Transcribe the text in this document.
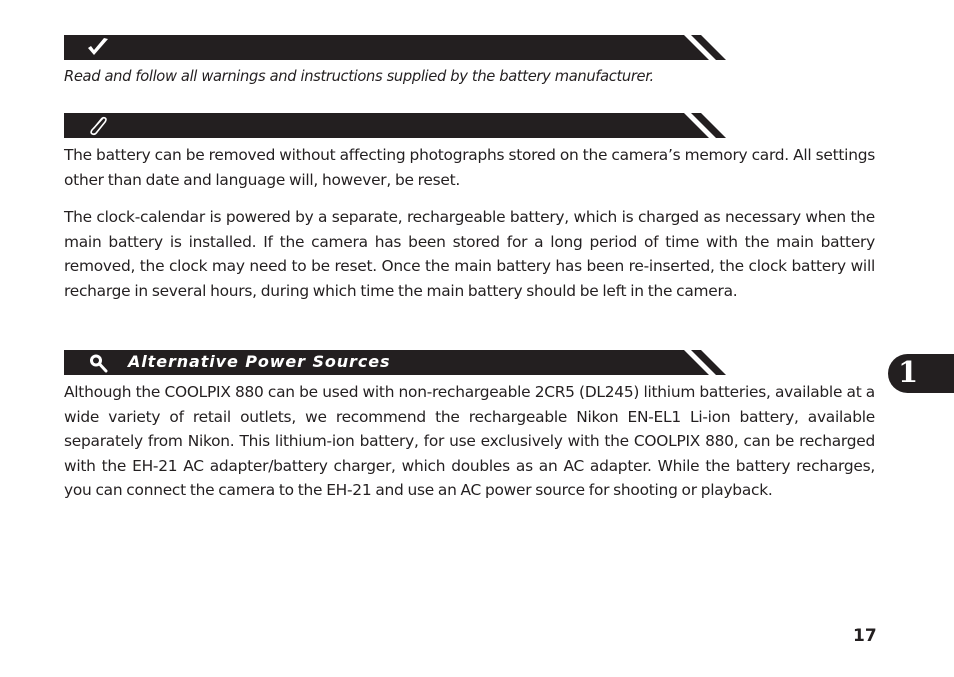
Read and follow all warnings and instructions supplied by the battery manufacturer.

The battery can be removed without affecting photographs stored on the camera’s memory card. All settings other than date and language will, however, be reset.

The clock-calendar is powered by a separate, rechargeable battery, which is charged as necessary when the main battery is installed. If the camera has been stored for a long period of time with the main battery removed, the clock may need to be reset. Once the main battery has been re-inserted, the clock battery will recharge in several hours, during which time the main battery should be left in the camera.

Alternative Power Sources

Although the COOLPIX 880 can be used with non-rechargeable 2CR5 (DL245) lithium batteries, available at a wide variety of retail outlets, we recommend the rechargeable Nikon EN-EL1 Li-ion battery, available separately from Nikon. This lithium-ion battery, for use exclusively with the COOLPIX 880, can be recharged with the EH-21 AC adapter/battery charger, which doubles as an AC adapter. While the battery recharges, you can connect the camera to the EH-21 and use an AC power source for shooting or playback.

1
17
